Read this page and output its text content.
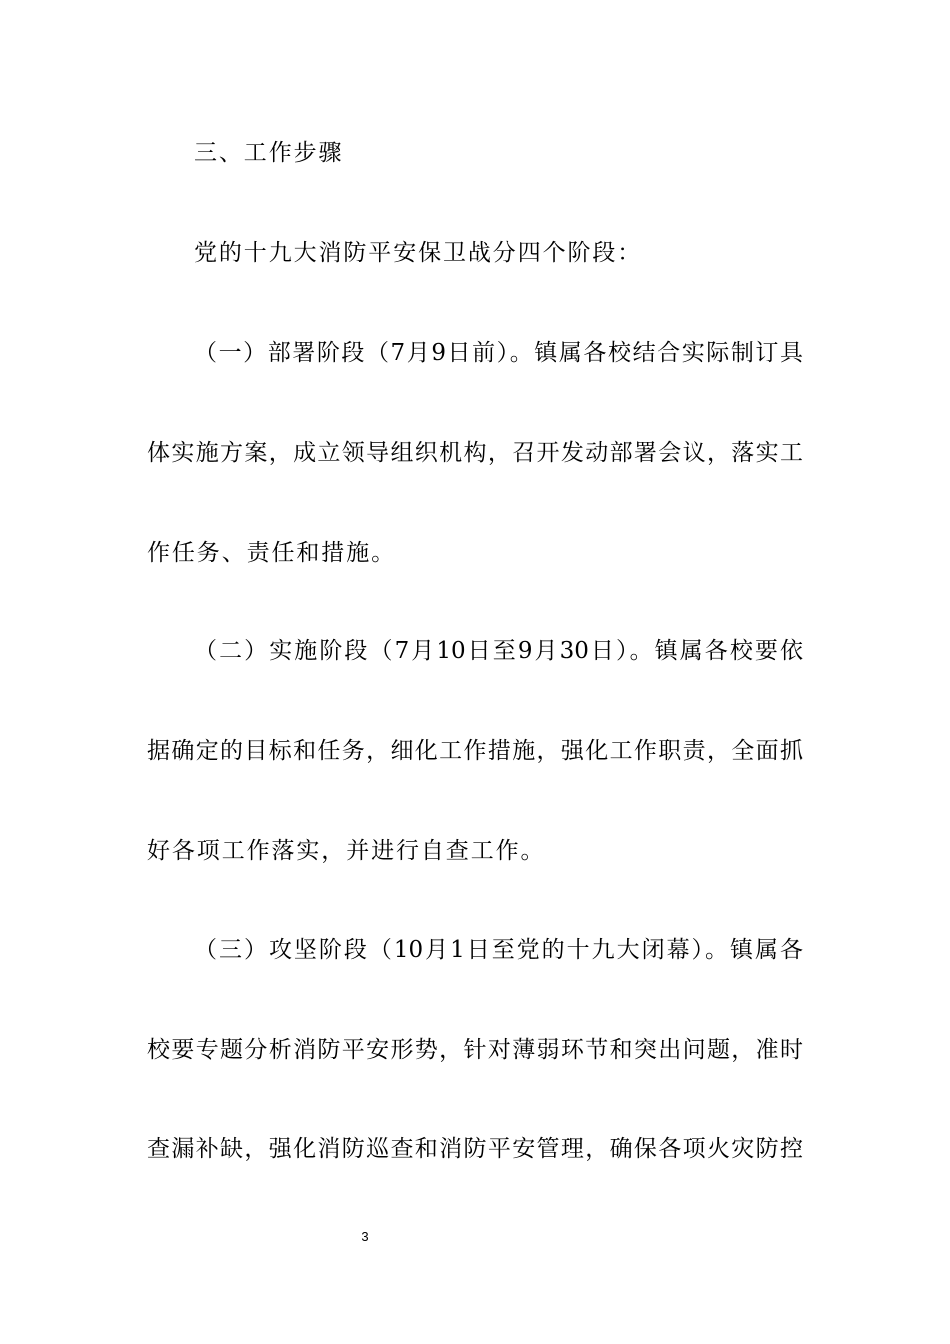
三、工作步骤
党的十九大消防平安保卫战分四个阶段：
（一）部署阶段（7月9日前）。镇属各校结合实际制订具
体实施方案，成立领导组织机构，召开发动部署会议，落实工
作任务、责任和措施。
（二）实施阶段（7月10日至9月30日）。镇属各校要依
据确定的目标和任务，细化工作措施，强化工作职责，全面抓
好各项工作落实，并进行自查工作。
（三）攻坚阶段（10月1日至党的十九大闭幕）。镇属各
校要专题分析消防平安形势，针对薄弱环节和突出问题，准时
查漏补缺，强化消防巡查和消防平安管理，确保各项火灾防控
3
